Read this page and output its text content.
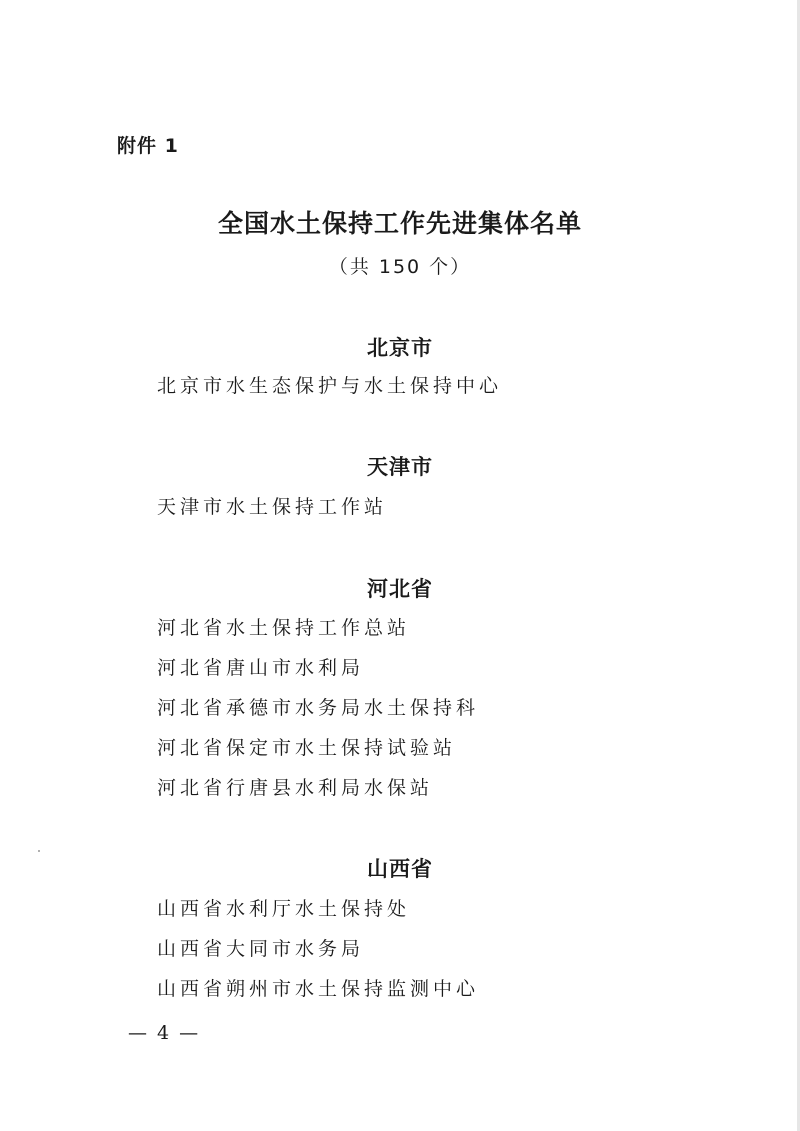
附件 1
全国水土保持工作先进集体名单
（共 150 个）
北京市
北京市水生态保护与水土保持中心
天津市
天津市水土保持工作站
河北省
河北省水土保持工作总站
河北省唐山市水利局
河北省承德市水务局水土保持科
河北省保定市水土保持试验站
河北省行唐县水利局水保站
山西省
山西省水利厅水土保持处
山西省大同市水务局
山西省朔州市水土保持监测中心
— 4 —
